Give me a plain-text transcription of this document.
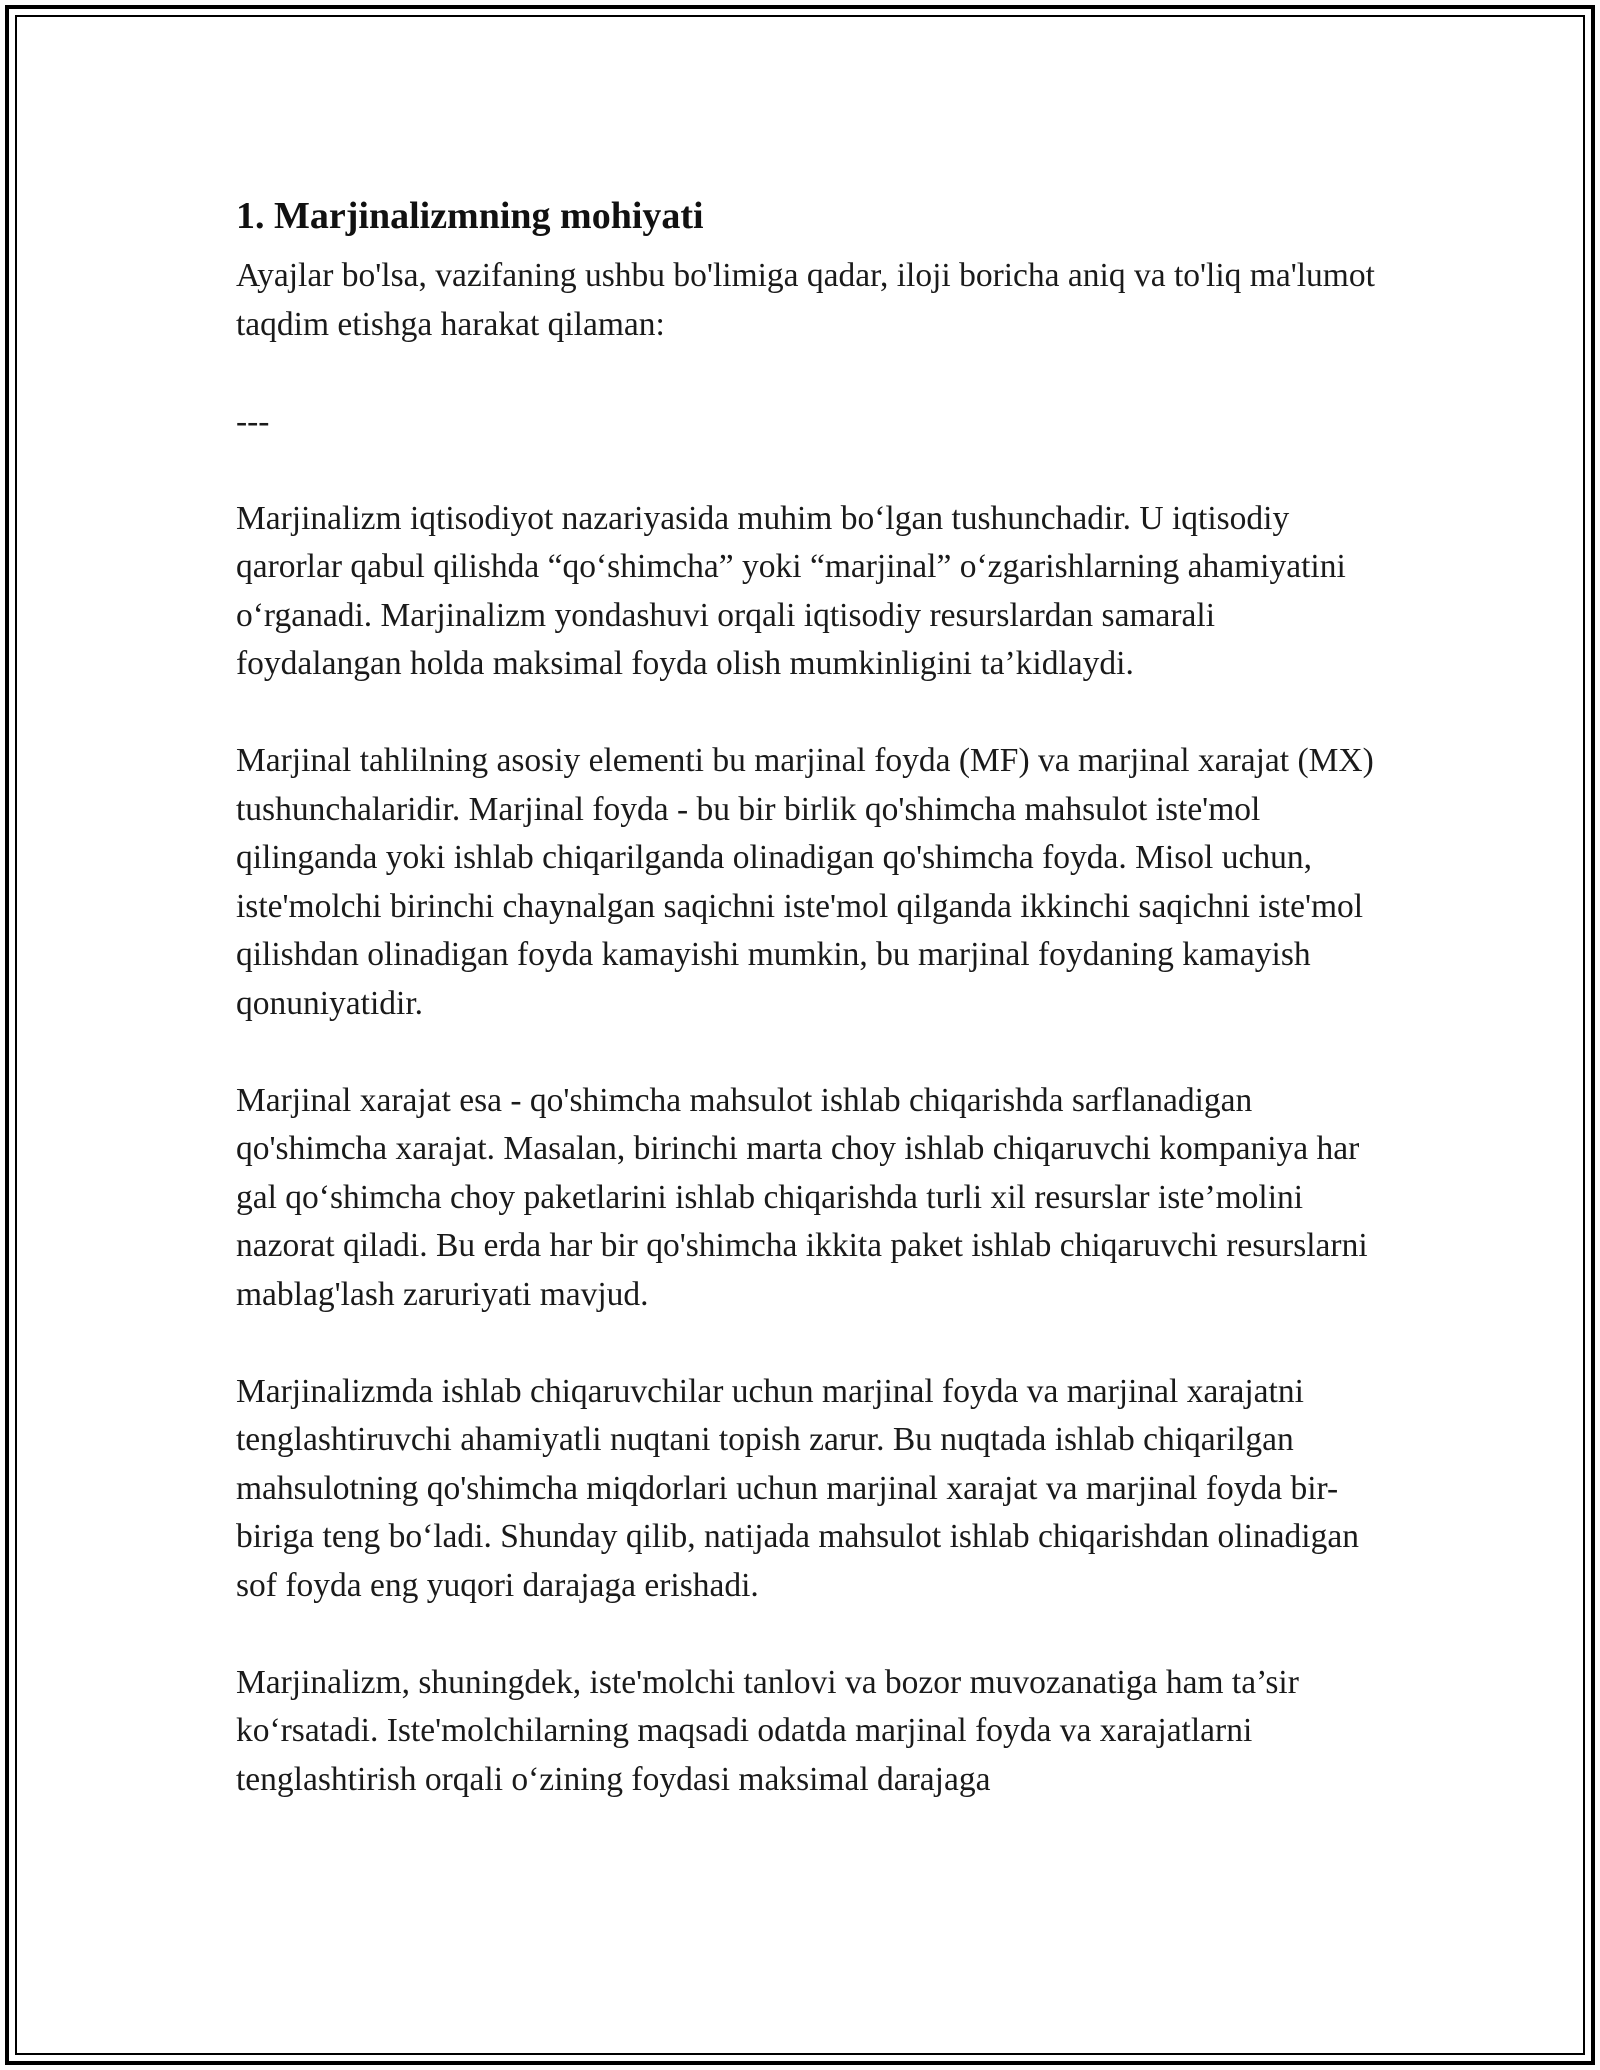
1. Marjinalizmning mohiyati

Ayajlar bo'lsa, vazifaning ushbu bo'limiga qadar, iloji boricha aniq va to'liq ma'lumot taqdim etishga harakat qilaman:

---

Marjinalizm iqtisodiyot nazariyasida muhim bo‘lgan tushunchadir. U iqtisodiy qarorlar qabul qilishda “qo‘shimcha” yoki “marjinal” o‘zgarishlarning ahamiyatini o‘rganadi. Marjinalizm yondashuvi orqali iqtisodiy resurslardan samarali foydalangan holda maksimal foyda olish mumkinligini ta’kidlaydi.

Marjinal tahlilning asosiy elementi bu marjinal foyda (MF) va marjinal xarajat (MX) tushunchalaridir. Marjinal foyda - bu bir birlik qo'shimcha mahsulot iste'mol qilinganda yoki ishlab chiqarilganda olinadigan qo'shimcha foyda. Misol uchun, iste'molchi birinchi chaynalgan saqichni iste'mol qilganda ikkinchi saqichni iste'mol qilishdan olinadigan foyda kamayishi mumkin, bu marjinal foydaning kamayish qonuniyatidir.

Marjinal xarajat esa - qo'shimcha mahsulot ishlab chiqarishda sarflanadigan qo'shimcha xarajat. Masalan, birinchi marta choy ishlab chiqaruvchi kompaniya har gal qo‘shimcha choy paketlarini ishlab chiqarishda turli xil resurslar iste’molini nazorat qiladi. Bu erda har bir qo'shimcha ikkita paket ishlab chiqaruvchi resurslarni mablag'lash zaruriyati mavjud.

Marjinalizmda ishlab chiqaruvchilar uchun marjinal foyda va marjinal xarajatni tenglashtiruvchi ahamiyatli nuqtani topish zarur. Bu nuqtada ishlab chiqarilgan mahsulotning qo'shimcha miqdorlari uchun marjinal xarajat va marjinal foyda bir-biriga teng bo‘ladi. Shunday qilib, natijada mahsulot ishlab chiqarishdan olinadigan sof foyda eng yuqori darajaga erishadi.

Marjinalizm, shuningdek, iste'molchi tanlovi va bozor muvozanatiga ham ta’sir ko‘rsatadi. Iste'molchilarning maqsadi odatda marjinal foyda va xarajatlarni tenglashtirish orqali o‘zining foydasi maksimal darajaga
